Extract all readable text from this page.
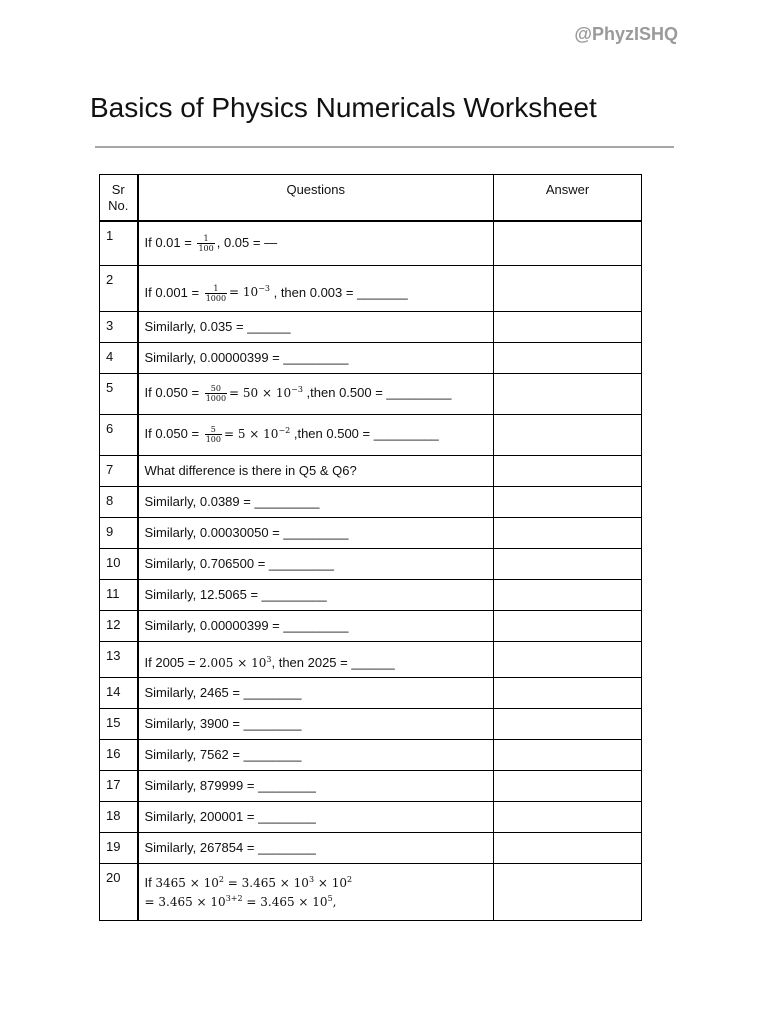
@PhyzISHQ
Basics of Physics Numericals Worksheet
Sr
No.	Questions	Answer
1	If $0.01 = \frac{1}{100}$ , 0.05 = —	
2	If $0.001 = \frac{1}{1000} = 10^{-3}$ , then 0.003 = _______	
3	Similarly, 0.035 = ______	
4	Similarly, 0.00000399 = _________	
5	If $0.050 = \frac{50}{1000} = 50 \times 10^{-3}$ ,then 0.500 = _________	
6	If $0.050 = \frac{5}{100} = 5 \times 10^{-2}$ ,then 0.500 = _________	
7	What difference is there in Q5 & Q6?	
8	Similarly, 0.0389 = _________	
9	Similarly, 0.00030050 = _________	
10	Similarly, 0.706500 = _________	
11	Similarly, 12.5065 = _________	
12	Similarly, 0.00000399 = _________	
13	If $2005 = 2.005 \times 10^3$, then 2025 = ______	
14	Similarly, 2465 = ________	
15	Similarly, 3900 = ________	
16	Similarly, 7562 = ________	
17	Similarly, 879999 = ________	
18	Similarly, 200001 = ________	
19	Similarly, 267854 = ________	
20	If $3465 \times 10^2 = 3.465 \times 10^3 \times 10^2$
= $3.465 \times 10^{3+2} = 3.465 \times 10^5$,	
